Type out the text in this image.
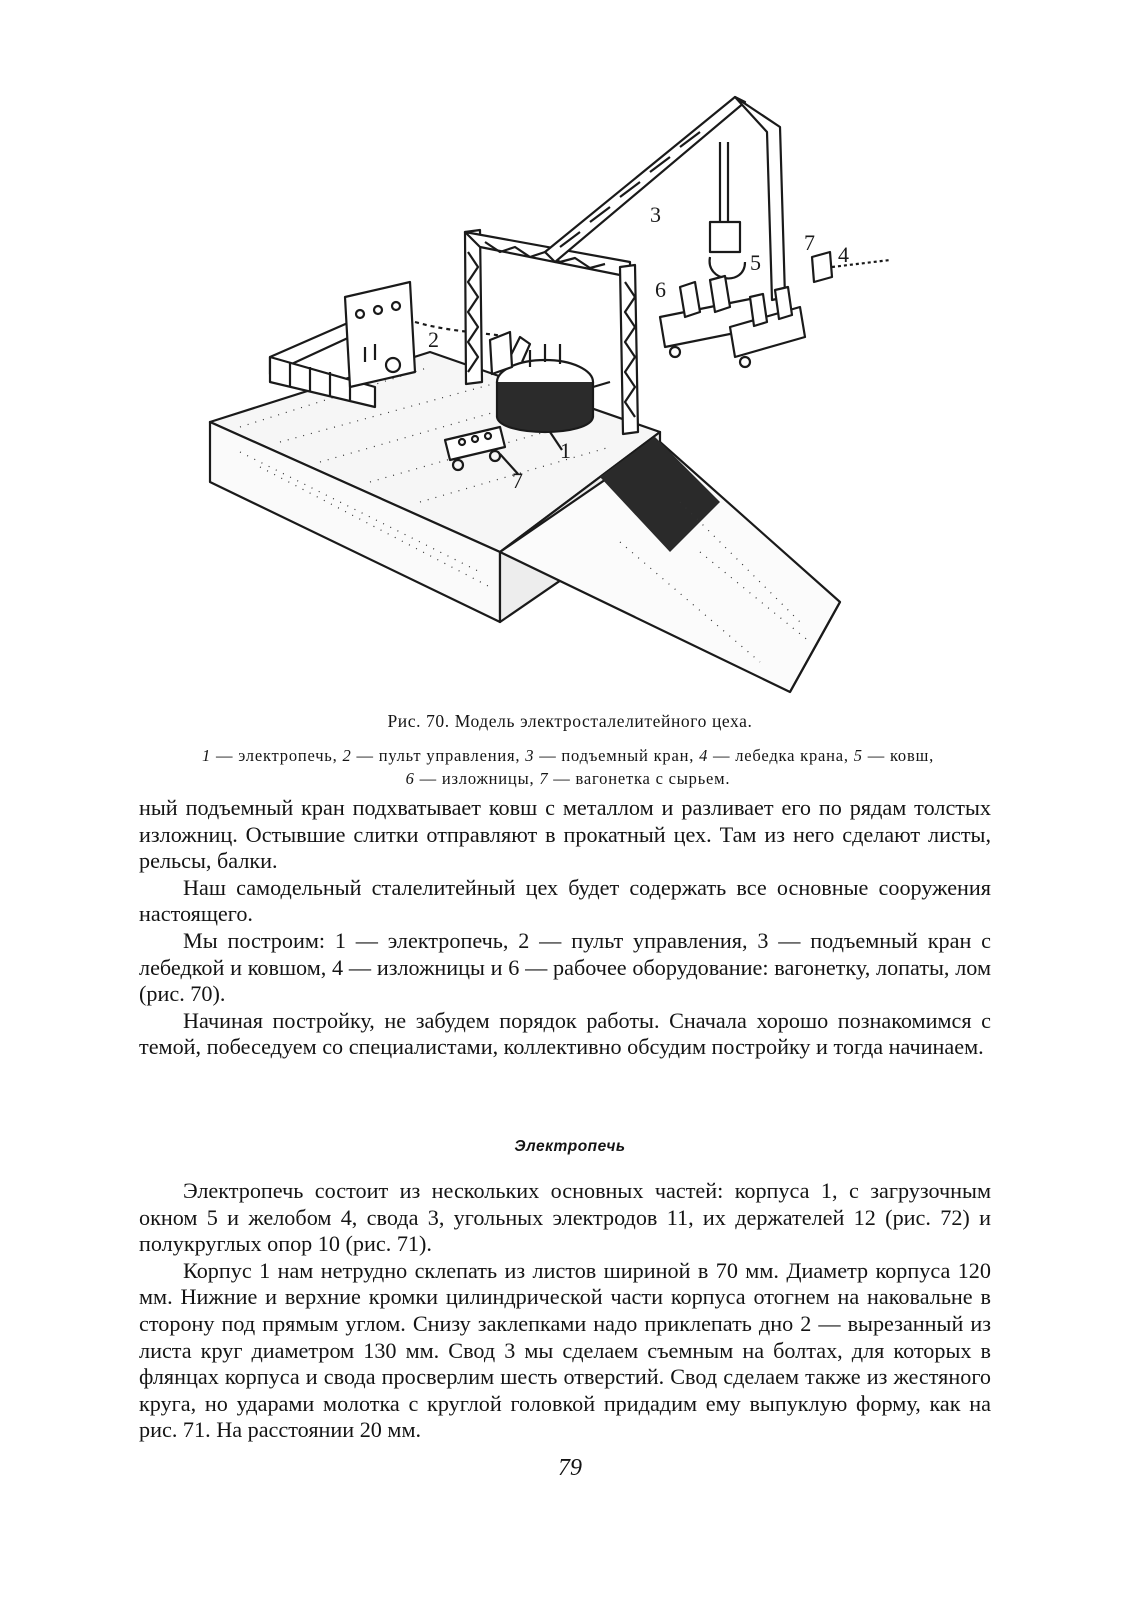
1
2
3
4
5
6
7
7
Рис. 70. Модель электросталелитейного цеха.
1 — электропечь, 2 — пульт управления, 3 — подъемный кран, 4 — лебедка крана, 5 — ковш, 6 — изложницы, 7 — вагонетка с сырьем.

ный подъемный кран подхватывает ковш с металлом и разливает его по рядам толстых изложниц. Остывшие слитки отправляют в прокатный цех. Там из него сделают листы, рельсы, балки.

Наш самодельный сталелитейный цех будет содержать все основные сооружения настоящего.

Мы построим: 1 — электропечь, 2 — пульт управления, 3 — подъемный кран с лебедкой и ковшом, 4 — изложницы и 6 — рабочее оборудование: вагонетку, лопаты, лом (рис. 70).

Начиная постройку, не забудем порядок работы. Сначала хорошо познакомимся с темой, побеседуем со специалистами, коллективно обсудим постройку и тогда начинаем.

Электропечь

Электропечь состоит из нескольких основных частей: корпуса 1, с загрузочным окном 5 и желобом 4, свода 3, угольных электродов 11, их держателей 12 (рис. 72) и полукруглых опор 10 (рис. 71).

Корпус 1 нам нетрудно склепать из листов шириной в 70 мм. Диаметр корпуса 120 мм. Нижние и верхние кромки цилиндрической части корпуса отогнем на наковальне в сторону под прямым углом. Снизу заклепками надо приклепать дно 2 — вырезанный из листа круг диаметром 130 мм. Свод 3 мы сделаем съемным на болтах, для которых в флянцах корпуса и свода просверлим шесть отверстий. Свод сделаем также из жестяного круга, но ударами молотка с круглой головкой придадим ему выпуклую форму, как на рис. 71. На расстоянии 20 мм.

79
